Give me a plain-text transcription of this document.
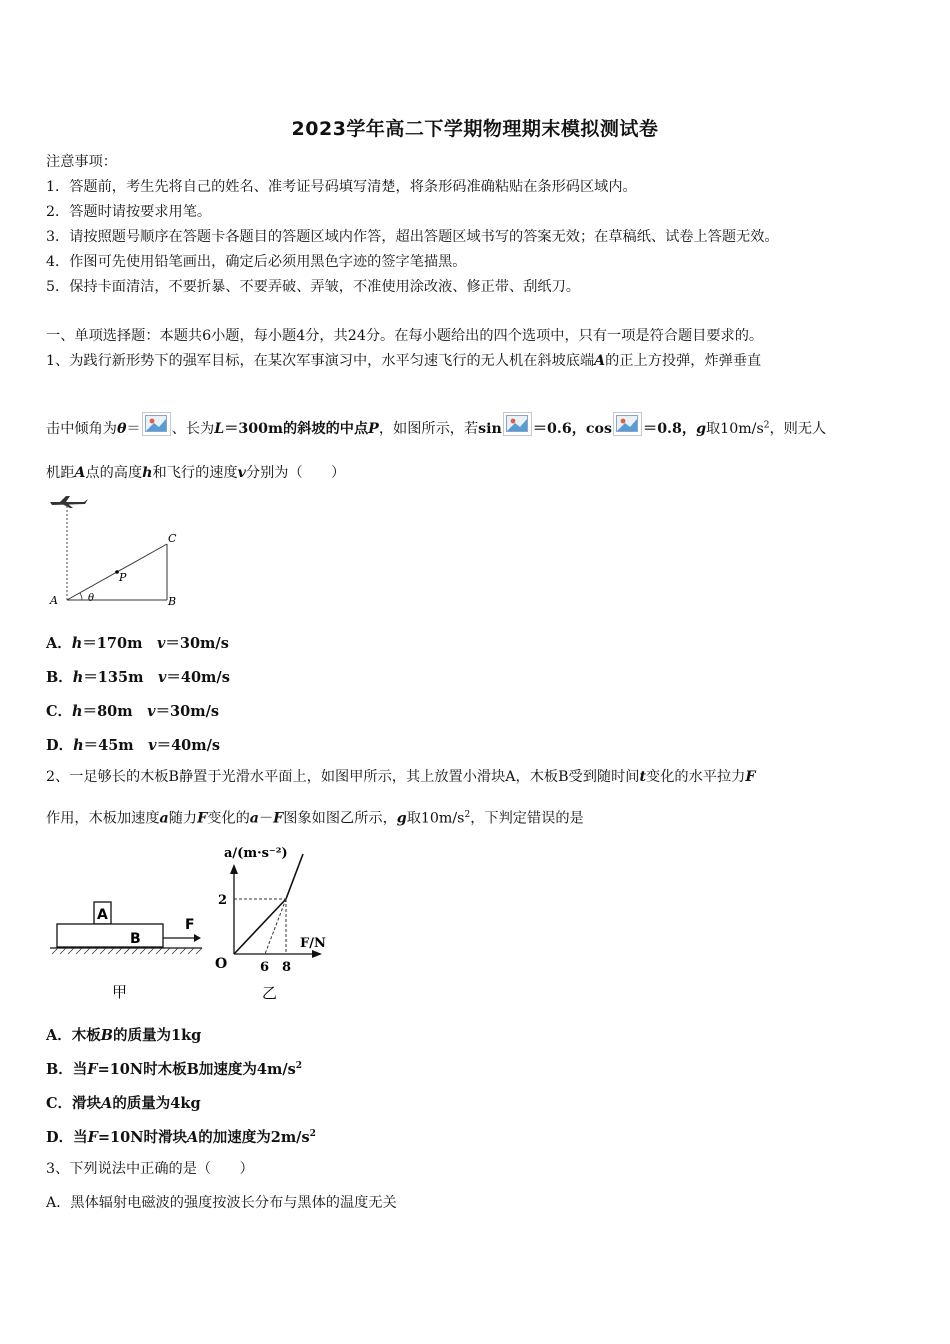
2023学年高二下学期物理期末模拟测试卷
注意事项：
1．答题前，考生先将自己的姓名、准考证号码填写清楚，将条形码准确粘贴在条形码区域内。
2．答题时请按要求用笔。
3．请按照题号顺序在答题卡各题目的答题区域内作答，超出答题区域书写的答案无效；在草稿纸、试卷上答题无效。
4．作图可先使用铅笔画出，确定后必须用黑色字迹的签字笔描黑。
5．保持卡面清洁，不要折暴、不要弄破、弄皱，不准使用涂改液、修正带、刮纸刀。
一、单项选择题：本题共6小题，每小题4分，共24分。在每小题给出的四个选项中，只有一项是符合题目要求的。
1、为践行新形势下的强军目标，在某次军事演习中，水平匀速飞行的无人机在斜坡底端A的正上方投弹，炸弹垂直
击中倾角为θ＝ 、长为L＝300m的斜坡的中点P，如图所示，若sin ＝0.6，cos ＝0.8，g取$10m/s^2$，则无人
机距A点的高度h和飞行的速度v分别为（　　）
A	B
C
P
θ
A．h＝170m　v＝30m/s
B．h＝135m　v＝40m/s
C．h＝80m　v＝30m/s
D．h＝45m　v＝40m/s
2、一足够长的木板B静置于光滑水平面上，如图甲所示，其上放置小滑块A，木板B受到随时间t变化的水平拉力F
作用，木板加速度a随力F变化的a－F图象如图乙所示，g取$10m/s^2$，下判定错误的是
A
B
F
甲
a/(m·s⁻²)
F/N
O
2
6 8
乙
A．木板B的质量为1kg
B．当F=10N时木板B加速度为$4m/s^2$
C．滑块A的质量为4kg
D．当F=10N时滑块A的加速度为$2m/s^2$
3、下列说法中正确的是（　　）
A．黑体辐射电磁波的强度按波长分布与黑体的温度无关
